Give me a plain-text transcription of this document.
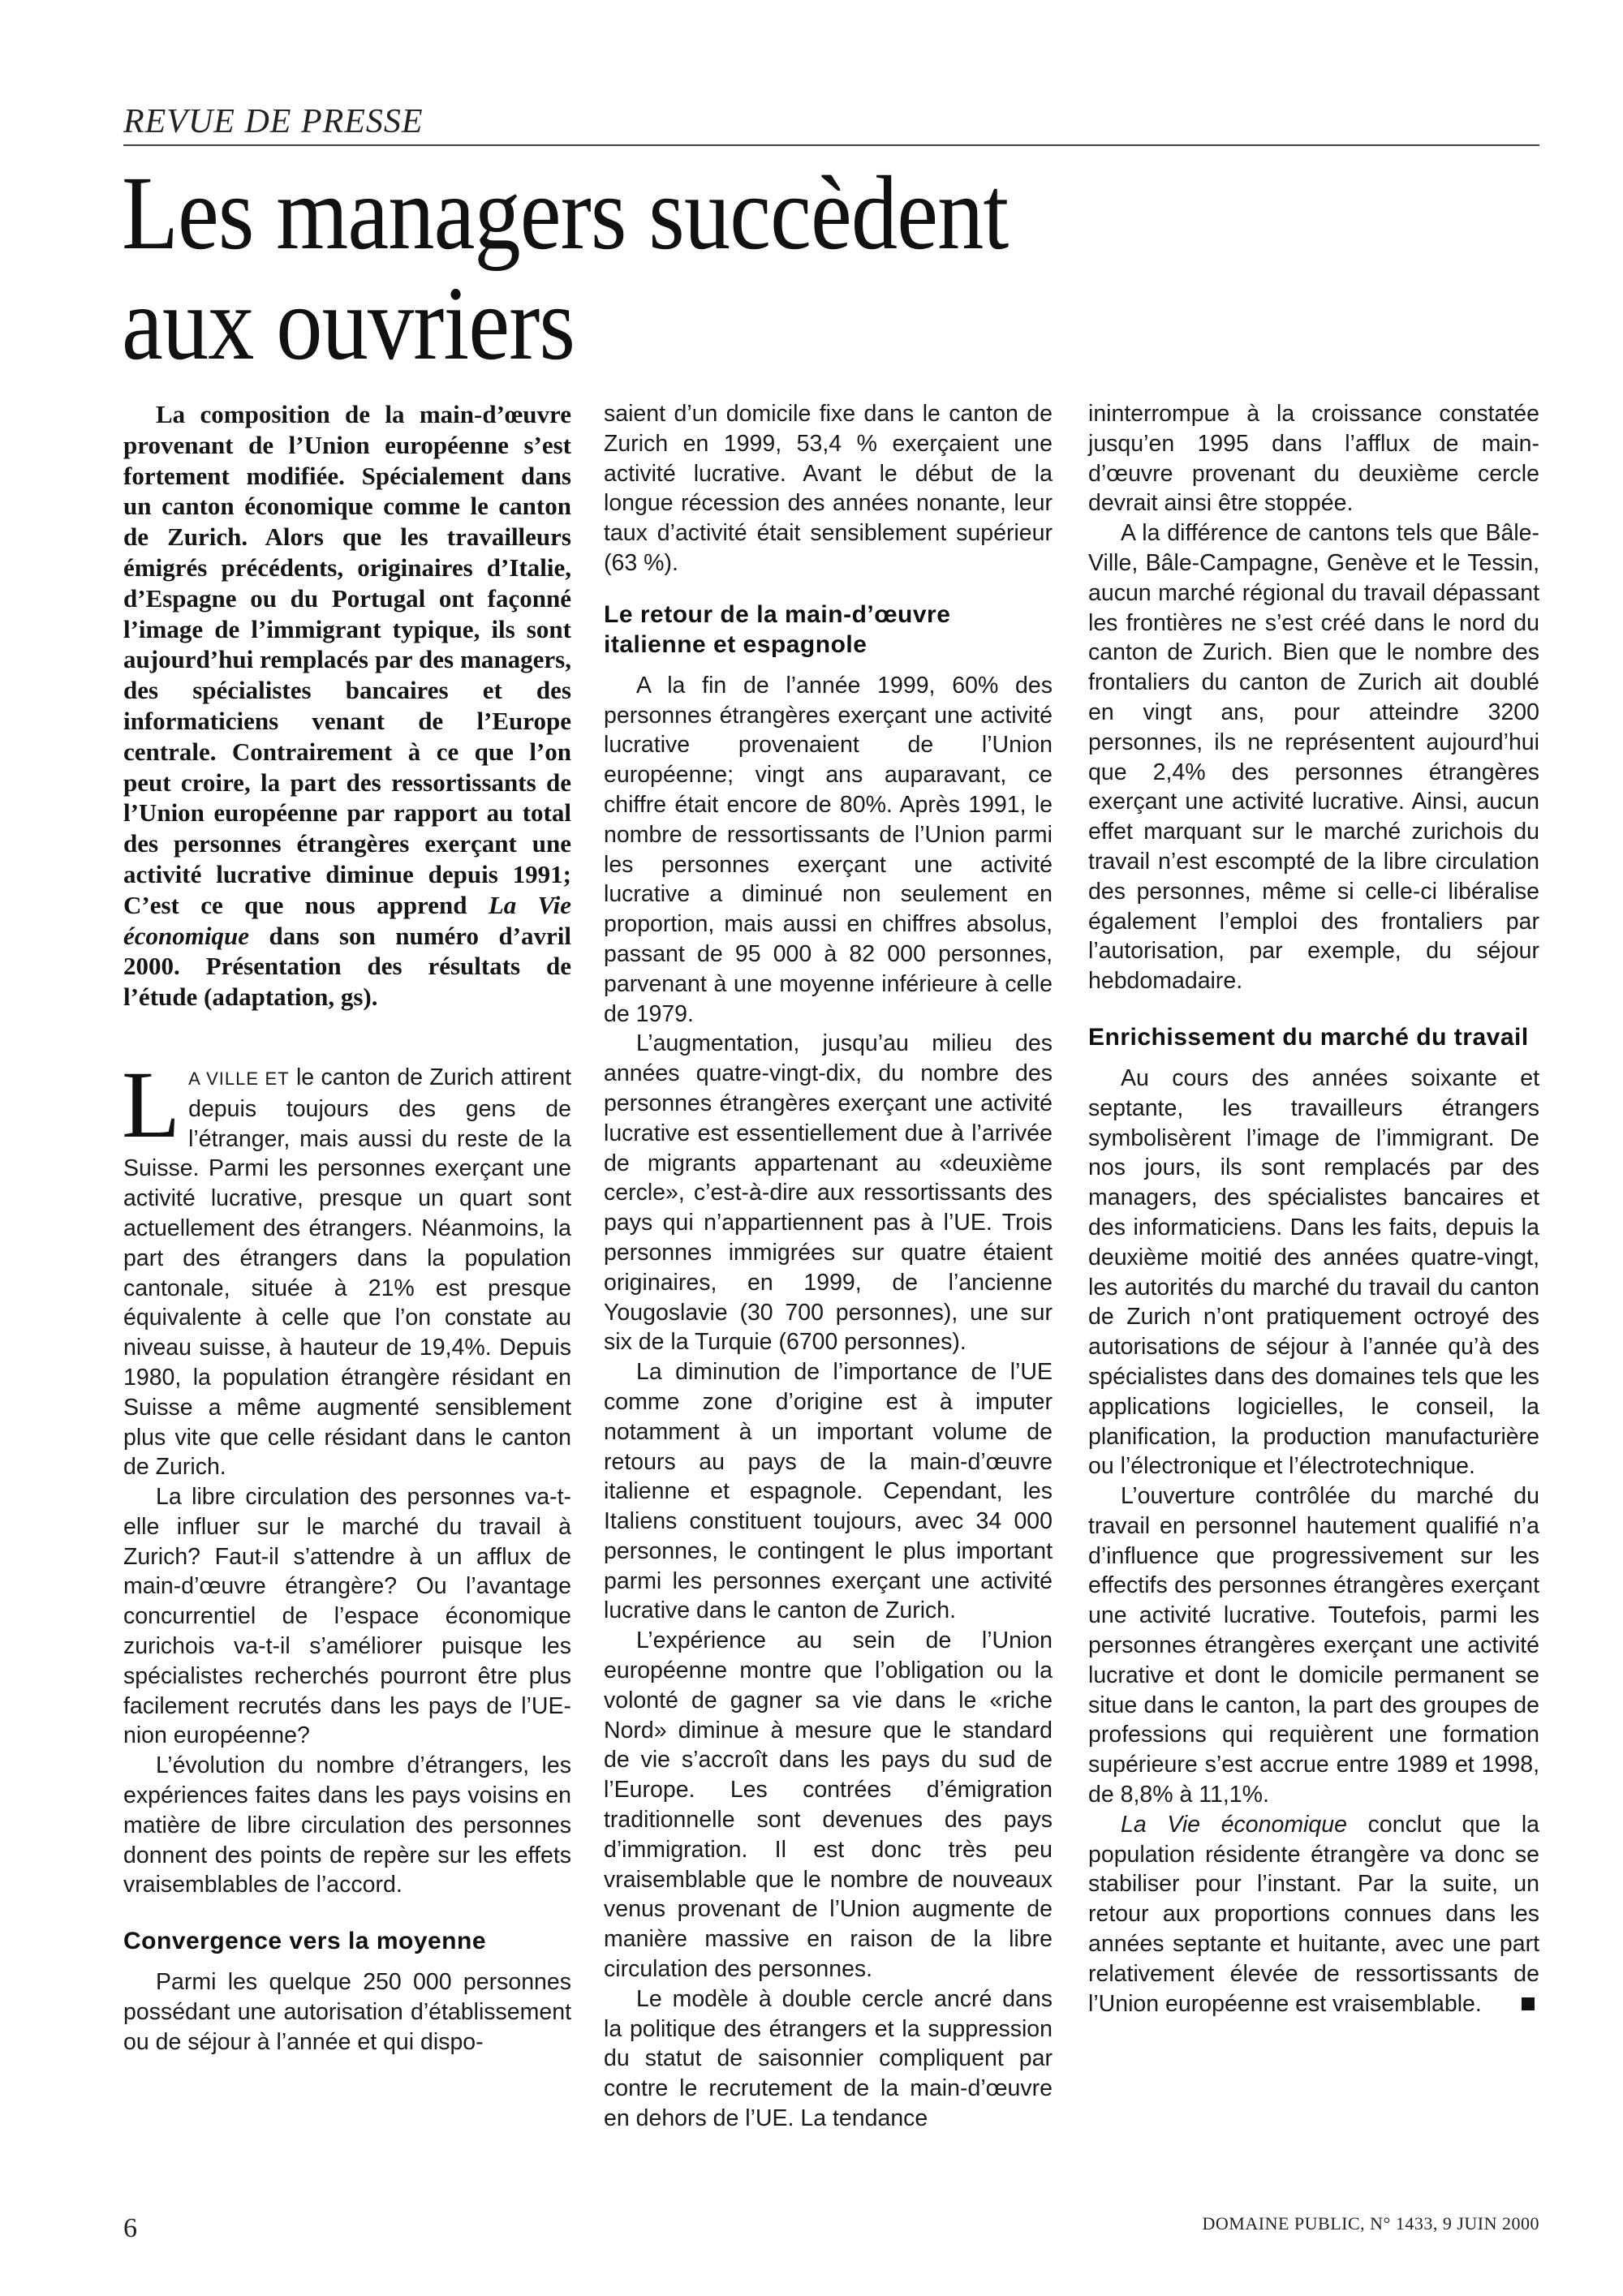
REVUE DE PRESSE
Les managers succèdent
aux ouvriers

La composition de la main-d’œuvre provenant de l’Union européenne s’est fortement modifiée. Spécialement dans un canton économique comme le canton de Zurich. Alors que les travailleurs émigrés précédents, originaires d’Italie, d’Espagne ou du Portugal ont façonné l’image de l’immigrant typique, ils sont aujourd’hui remplacés par des managers, des spécialistes bancaires et des informaticiens venant de l’Europe centrale. Contrairement à ce que l’on peut croire, la part des ressortissants de l’Union européenne par rapport au total des personnes étrangères exerçant une activité lucrative diminue depuis 1991; C’est ce que nous apprend La Vie économique dans son numéro d’avril 2000. Présentation des résultats de l’étude (adaptation, gs).

LA VILLE ET le canton de Zurich attirent depuis toujours des gens de l’étranger, mais aussi du reste de la Suisse. Parmi les personnes exerçant une activité lucrative, presque un quart sont actuellement des étrangers. Néanmoins, la part des étrangers dans la population cantonale, située à 21% est presque équivalente à celle que l’on constate au niveau suisse, à hauteur de 19,4%. Depuis 1980, la population étrangère résidant en Suisse a même augmenté sensiblement plus vite que celle résidant dans le canton de Zurich.

La libre circulation des personnes va-t-elle influer sur le marché du travail à Zurich? Faut-il s’attendre à un afflux de main-d’œuvre étrangère? Ou l’avantage concurrentiel de l’espace économique zurichois va-t-il s’améliorer puisque les spécialistes recherchés pourront être plus facilement recrutés dans les pays de l’UE-nion européenne?

L’évolution du nombre d’étrangers, les expériences faites dans les pays voisins en matière de libre circulation des personnes donnent des points de repère sur les effets vraisemblables de l’accord.

Convergence vers la moyenne

Parmi les quelque 250 000 personnes possédant une autorisation d’établissement ou de séjour à l’année et qui dispo-

saient d’un domicile fixe dans le canton de Zurich en 1999, 53,4 % exerçaient une activité lucrative. Avant le début de la longue récession des années nonante, leur taux d’activité était sensiblement supérieur (63 %).

Le retour de la main-d’œuvre italienne et espagnole

A la fin de l’année 1999, 60% des personnes étrangères exerçant une activité lucrative provenaient de l’Union européenne; vingt ans auparavant, ce chiffre était encore de 80%. Après 1991, le nombre de ressortissants de l’Union parmi les personnes exerçant une activité lucrative a diminué non seulement en proportion, mais aussi en chiffres absolus, passant de 95 000 à 82 000 personnes, parvenant à une moyenne inférieure à celle de 1979.

L’augmentation, jusqu’au milieu des années quatre-vingt-dix, du nombre des personnes étrangères exerçant une activité lucrative est essentiellement due à l’arrivée de migrants appartenant au «deuxième cercle», c’est-à-dire aux ressortissants des pays qui n’appartiennent pas à l’UE. Trois personnes immigrées sur quatre étaient originaires, en 1999, de l’ancienne Yougoslavie (30 700 personnes), une sur six de la Turquie (6700 personnes).

La diminution de l’importance de l’UE comme zone d’origine est à imputer notamment à un important volume de retours au pays de la main-d’œuvre italienne et espagnole. Cependant, les Italiens constituent toujours, avec 34 000 personnes, le contingent le plus important parmi les personnes exerçant une activité lucrative dans le canton de Zurich.

L’expérience au sein de l’Union européenne montre que l’obligation ou la volonté de gagner sa vie dans le «riche Nord» diminue à mesure que le standard de vie s’accroît dans les pays du sud de l’Europe. Les contrées d’émigration traditionnelle sont devenues des pays d’immigration. Il est donc très peu vraisemblable que le nombre de nouveaux venus provenant de l’Union augmente de manière massive en raison de la libre circulation des personnes.

Le modèle à double cercle ancré dans la politique des étrangers et la suppression du statut de saisonnier compliquent par contre le recrutement de la main-d’œuvre en dehors de l’UE. La tendance

ininterrompue à la croissance constatée jusqu’en 1995 dans l’afflux de main-d’œuvre provenant du deuxième cercle devrait ainsi être stoppée.

A la différence de cantons tels que Bâle-Ville, Bâle-Campagne, Genève et le Tessin, aucun marché régional du travail dépassant les frontières ne s’est créé dans le nord du canton de Zurich. Bien que le nombre des frontaliers du canton de Zurich ait doublé en vingt ans, pour atteindre 3200 personnes, ils ne représentent aujourd’hui que 2,4% des personnes étrangères exerçant une activité lucrative. Ainsi, aucun effet marquant sur le marché zurichois du travail n’est escompté de la libre circulation des personnes, même si celle-ci libéralise également l’emploi des frontaliers par l’autorisation, par exemple, du séjour hebdomadaire.

Enrichissement du marché du travail

Au cours des années soixante et septante, les travailleurs étrangers symbolisèrent l’image de l’immigrant. De nos jours, ils sont remplacés par des managers, des spécialistes bancaires et des informaticiens. Dans les faits, depuis la deuxième moitié des années quatre-vingt, les autorités du marché du travail du canton de Zurich n’ont pratiquement octroyé des autorisations de séjour à l’année qu’à des spécialistes dans des domaines tels que les applications logicielles, le conseil, la planification, la production manufacturière ou l’électronique et l’électrotechnique.

L’ouverture contrôlée du marché du travail en personnel hautement qualifié n’a d’influence que progressivement sur les effectifs des personnes étrangères exerçant une activité lucrative. Toutefois, parmi les personnes étrangères exerçant une activité lucrative et dont le domicile permanent se situe dans le canton, la part des groupes de professions qui requièrent une formation supérieure s’est accrue entre 1989 et 1998, de 8,8% à 11,1%.

La Vie économique conclut que la population résidente étrangère va donc se stabiliser pour l’instant. Par la suite, un retour aux proportions connues dans les années septante et huitante, avec une part relativement élevée de ressortissants de l’Union européenne est vraisemblable.

6	DOMAINE PUBLIC, N° 1433, 9 JUIN 2000
